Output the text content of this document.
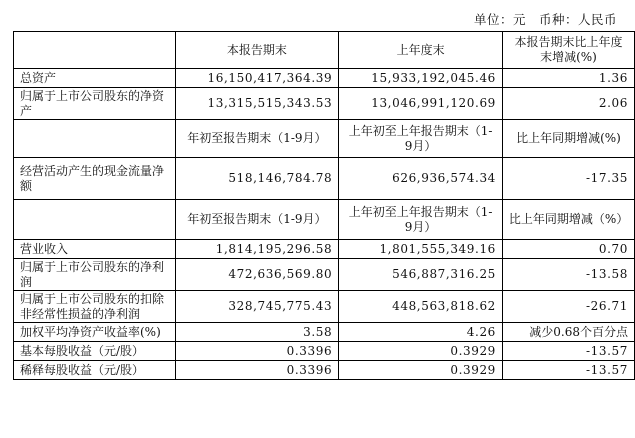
单位：元　币种：人民币
	本报告期末	上年度末	本报告期末比上年度末增减(%)
总资产	16,150,417,364.39	15,933,192,045.46	1.36
归属于上市公司股东的净资产	13,315,515,343.53	13,046,991,120.69	2.06
	年初至报告期末（1-9月）	上年初至上年报告期末（1-9月）	比上年同期增减(%)
经营活动产生的现金流量净额	518,146,784.78	626,936,574.34	-17.35
	年初至报告期末（1-9月）	上年初至上年报告期末（1-9月）	比上年同期增减（%）
营业收入	1,814,195,296.58	1,801,555,349.16	0.70
归属于上市公司股东的净利润	472,636,569.80	546,887,316.25	-13.58
归属于上市公司股东的扣除非经常性损益的净利润	328,745,775.43	448,563,818.62	-26.71
加权平均净资产收益率(%)	3.58	4.26	减少0.68个百分点
基本每股收益（元/股）	0.3396	0.3929	-13.57
稀释每股收益（元/股）	0.3396	0.3929	-13.57
